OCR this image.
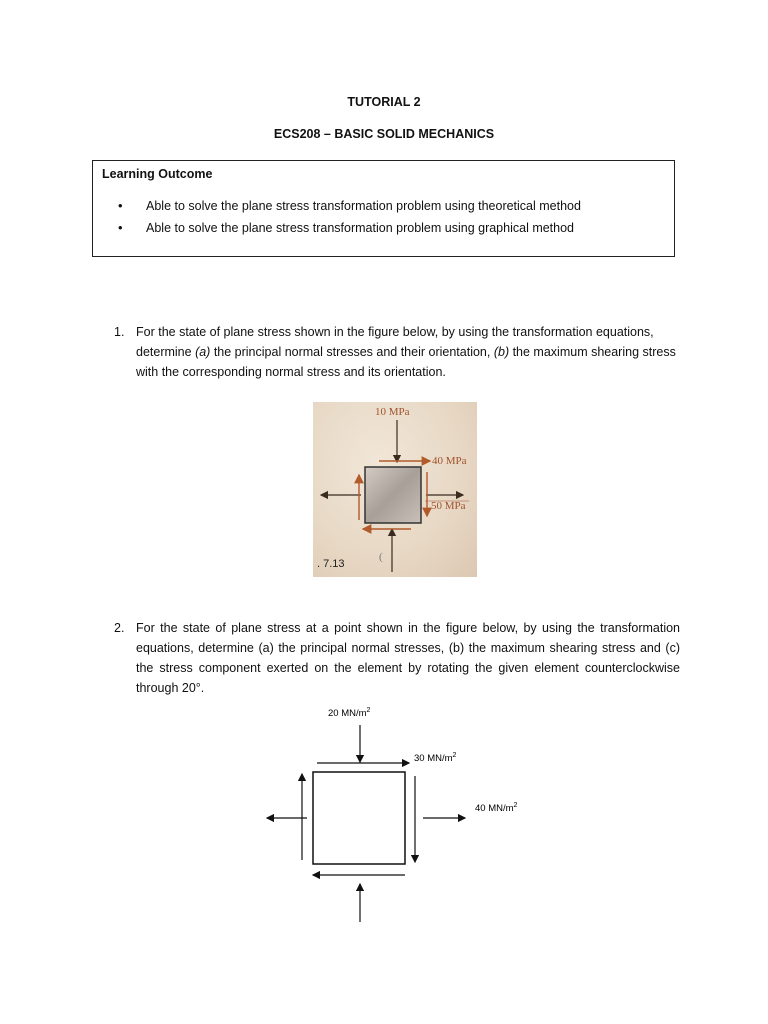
TUTORIAL 2
ECS208 – BASIC SOLID MECHANICS
Learning Outcome
• Able to solve the plane stress transformation problem using theoretical method
• Able to solve the plane stress transformation problem using graphical method
1. For the state of plane stress shown in the figure below, by using the transformation equations, determine (a) the principal normal stresses and their orientation, (b) the maximum shearing stress with the corresponding normal stress and its orientation.
10 MPa
40 MPa
50 MPa
(
. 7.13
2. For the state of plane stress at a point shown in the figure below, by using the transformation equations, determine (a) the principal normal stresses, (b) the maximum shearing stress and (c) the stress component exerted on the element by rotating the given element counterclockwise through 20°.
20 $MN/m^2$
30 $MN/m^2$
40 $MN/m^2$
